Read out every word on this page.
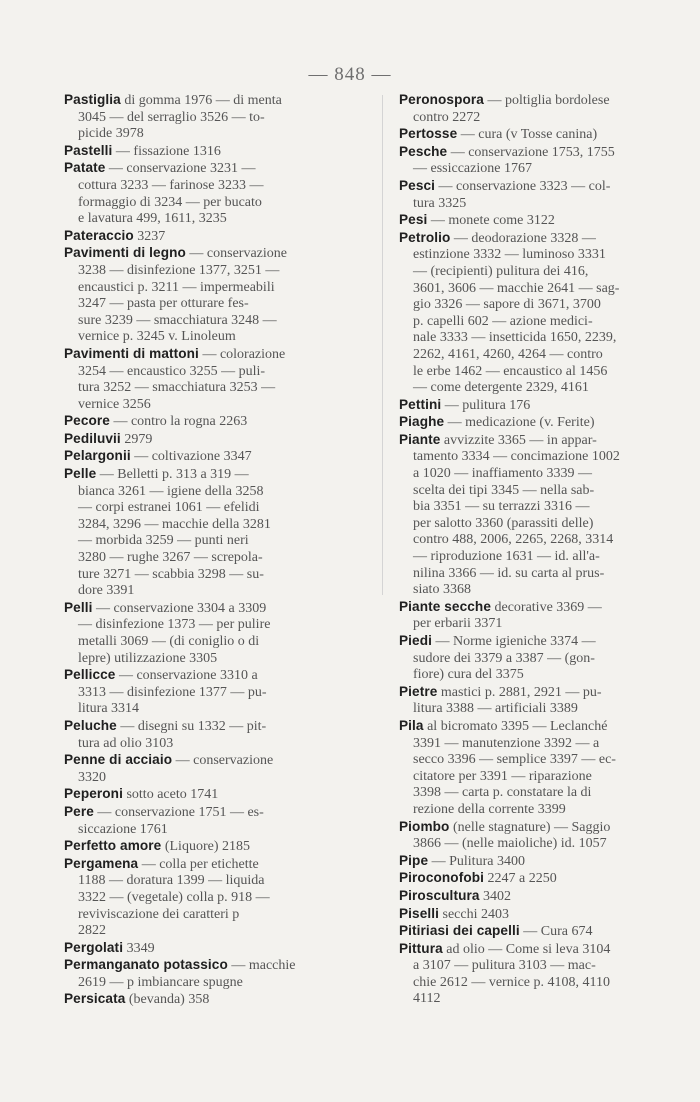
— 848 —
Pastiglia di gomma 1976 — di menta
3045 — del serraglio 3526 — to-
picide 3978
Pastelli — fissazione 1316
Patate — conservazione 3231 —
cottura 3233 — farinose 3233 —
formaggio di 3234 — per bucato
e lavatura 499, 1611, 3235
Pateraccio 3237
Pavimenti di legno — conservazione
3238 — disinfezione 1377, 3251 —
encaustici p. 3211 — impermeabili
3247 — pasta per otturare fes-
sure 3239 — smacchiatura 3248 —
vernice p. 3245 v. Linoleum
Pavimenti di mattoni — colorazione
3254 — encaustico 3255 — puli-
tura 3252 — smacchiatura 3253 —
vernice 3256
Pecore — contro la rogna 2263
Pediluvii 2979
Pelargonii — coltivazione 3347
Pelle — Belletti p. 313 a 319 —
bianca 3261 — igiene della 3258
— corpi estranei 1061 — efelidi
3284, 3296 — macchie della 3281
— morbida 3259 — punti neri
3280 — rughe 3267 — screpola-
ture 3271 — scabbia 3298 — su-
dore 3391
Pelli — conservazione 3304 a 3309
— disinfezione 1373 — per pulire
metalli 3069 — (di coniglio o di
lepre) utilizzazione 3305
Pellicce — conservazione 3310 a
3313 — disinfezione 1377 — pu-
litura 3314
Peluche — disegni su 1332 — pit-
tura ad olio 3103
Penne di acciaio — conservazione
3320
Peperoni sotto aceto 1741
Pere — conservazione 1751 — es-
siccazione 1761
Perfetto amore (Liquore) 2185
Pergamena — colla per etichette
1188 — doratura 1399 — liquida
3322 — (vegetale) colla p. 918 —
reviviscazione dei caratteri p
2822
Pergolati 3349
Permanganato potassico — macchie
2619 — p imbiancare spugne
Persicata (bevanda) 358
Peronospora — poltiglia bordolese
contro 2272
Pertosse — cura (v Tosse canina)
Pesche — conservazione 1753, 1755
— essiccazione 1767
Pesci — conservazione 3323 — col-
tura 3325
Pesi — monete come 3122
Petrolio — deodorazione 3328 —
estinzione 3332 — luminoso 3331
— (recipienti) pulitura dei 416,
3601, 3606 — macchie 2641 — sag-
gio 3326 — sapore di 3671, 3700
p. capelli 602 — azione medici-
nale 3333 — insetticida 1650, 2239,
2262, 4161, 4260, 4264 — contro
le erbe 1462 — encaustico al 1456
— come detergente 2329, 4161
Pettini — pulitura 176
Piaghe — medicazione (v. Ferite)
Piante avvizzite 3365 — in appar-
tamento 3334 — concimazione 1002
a 1020 — inaffiamento 3339 —
scelta dei tipi 3345 — nella sab-
bia 3351 — su terrazzi 3316 —
per salotto 3360 (parassiti delle)
contro 488, 2006, 2265, 2268, 3314
— riproduzione 1631 — id. all'a-
nilina 3366 — id. su carta al prus-
siato 3368
Piante secche decorative 3369 —
per erbarii 3371
Piedi — Norme igieniche 3374 —
sudore dei 3379 a 3387 — (gon-
fiore) cura del 3375
Pietre mastici p. 2881, 2921 — pu-
litura 3388 — artificiali 3389
Pila al bicromato 3395 — Leclanché
3391 — manutenzione 3392 — a
secco 3396 — semplice 3397 — ec-
citatore per 3391 — riparazione
3398 — carta p. constatare la di
rezione della corrente 3399
Piombo (nelle stagnature) — Saggio
3866 — (nelle maioliche) id. 1057
Pipe — Pulitura 3400
Piroconofobi 2247 a 2250
Piroscultura 3402
Piselli secchi 2403
Pitiriasi dei capelli — Cura 674
Pittura ad olio — Come si leva 3104
a 3107 — pulitura 3103 — mac-
chie 2612 — vernice p. 4108, 4110
4112
